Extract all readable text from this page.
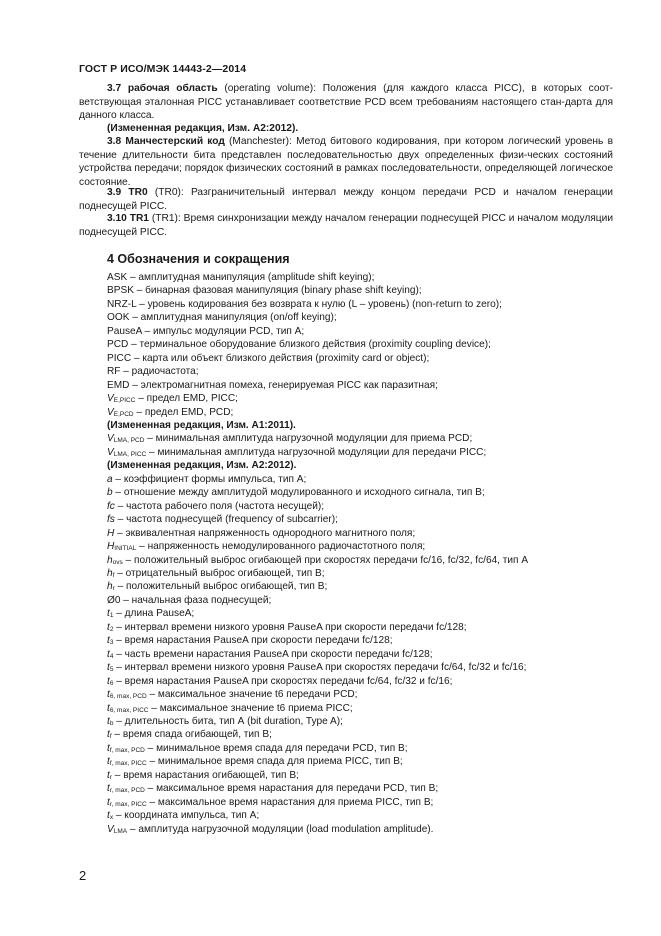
ГОСТ Р ИСО/МЭК 14443-2—2014
3.7 рабочая область (operating volume): Положения (для каждого класса PICC), в которых соот-ветствующая эталонная PICC устанавливает соответствие PCD всем требованиям настоящего стан-дарта для данного класса.
(Измененная редакция, Изм. А2:2012).
3.8 Манчестерский код (Manchester): Метод битового кодирования, при котором логический уровень в течение длительности бита представлен последовательностью двух определенных физи-ческих состояний устройства передачи; порядок физических состояний в рамках последовательности, определяющей логическое состояние.
3.9 TR0 (TR0): Разграничительный интервал между концом передачи PCD и началом генерации поднесущей PICC.
3.10 TR1 (TR1): Время синхронизации между началом генерации поднесущей PICC и началом модуляции поднесущей PICC.
4 Обозначения и сокращения
ASK – амплитудная манипуляция (amplitude shift keying);
BPSK – бинарная фазовая манипуляция (binary phase shift keying);
NRZ-L – уровень кодирования без возврата к нулю (L – уровень) (non-return to zero);
OOK – амплитудная манипуляция (on/off keying);
PauseA – импульс модуляции PCD, тип А;
PCD – терминальное оборудование близкого действия (proximity coupling device);
PICC – карта или объект близкого действия (proximity card or object);
RF – радиочастота;
EMD – электромагнитная помеха, генерируемая PICC как паразитная;
$V_{E,PICC}$ – предел EMD, PICC;
$V_{E,PCD}$ – предел EMD, PCD;
(Измененная редакция, Изм. А1:2011).
$V_{LMA, PCD}$ – минимальная амплитуда нагрузочной модуляции для приема PCD;
$V_{LMA, PICC}$ – минимальная амплитуда нагрузочной модуляции для передачи PICC;
(Измененная редакция, Изм. А2:2012).
a – коэффициент формы импульса, тип А;
b – отношение между амплитудой модулированного и исходного сигнала, тип В;
fc – частота рабочего поля (частота несущей);
fs – частота поднесущей (frequency of subcarrier);
H – эквивалентная напряженность однородного магнитного поля;
$H_{INITIAL}$ – напряженность немодулированного радиочастотного поля;
$h_{ovs}$ – положительный выброс огибающей при скоростях передачи fc/16, fc/32, fc/64, тип А
$h_f$ – отрицательный выброс огибающей, тип В;
$h_r$ – положительный выброс огибающей, тип В;
Ø0 – начальная фаза поднесущей;
$t_1$ – длина PauseA;
$t_2$ – интервал времени низкого уровня PauseA при скорости передачи fc/128;
$t_3$ – время нарастания PauseA при скорости передачи fc/128;
$t_4$ – часть времени нарастания PauseA при скорости передачи fc/128;
$t_5$ – интервал времени низкого уровня PauseA при скоростях передачи fc/64, fc/32 и fc/16;
$t_6$ – время нарастания PauseA при скоростях передачи fc/64, fc/32 и fc/16;
$t_{6, max, PCD}$ – максимальное значение t6 передачи PCD;
$t_{6, max, PICC}$ – максимальное значение t6 приема PICC;
$t_b$ – длительность бита, тип А (bit duration, Type A);
$t_f$ – время спада огибающей, тип В;
$t_{f, max, PCD}$ – минимальное время спада для передачи PCD, тип В;
$t_{f, max, PICC}$ – минимальное время спада для приема PICC, тип В;
$t_r$ – время нарастания огибающей, тип В;
$t_{r, max, PCD}$ – максимальное время нарастания для передачи PCD, тип В;
$t_{r, max, PICC}$ – максимальное время нарастания для приема PICC, тип В;
$t_x$ – координата импульса, тип А;
$V_{LMA}$ – амплитуда нагрузочной модуляции (load modulation amplitude).
2
